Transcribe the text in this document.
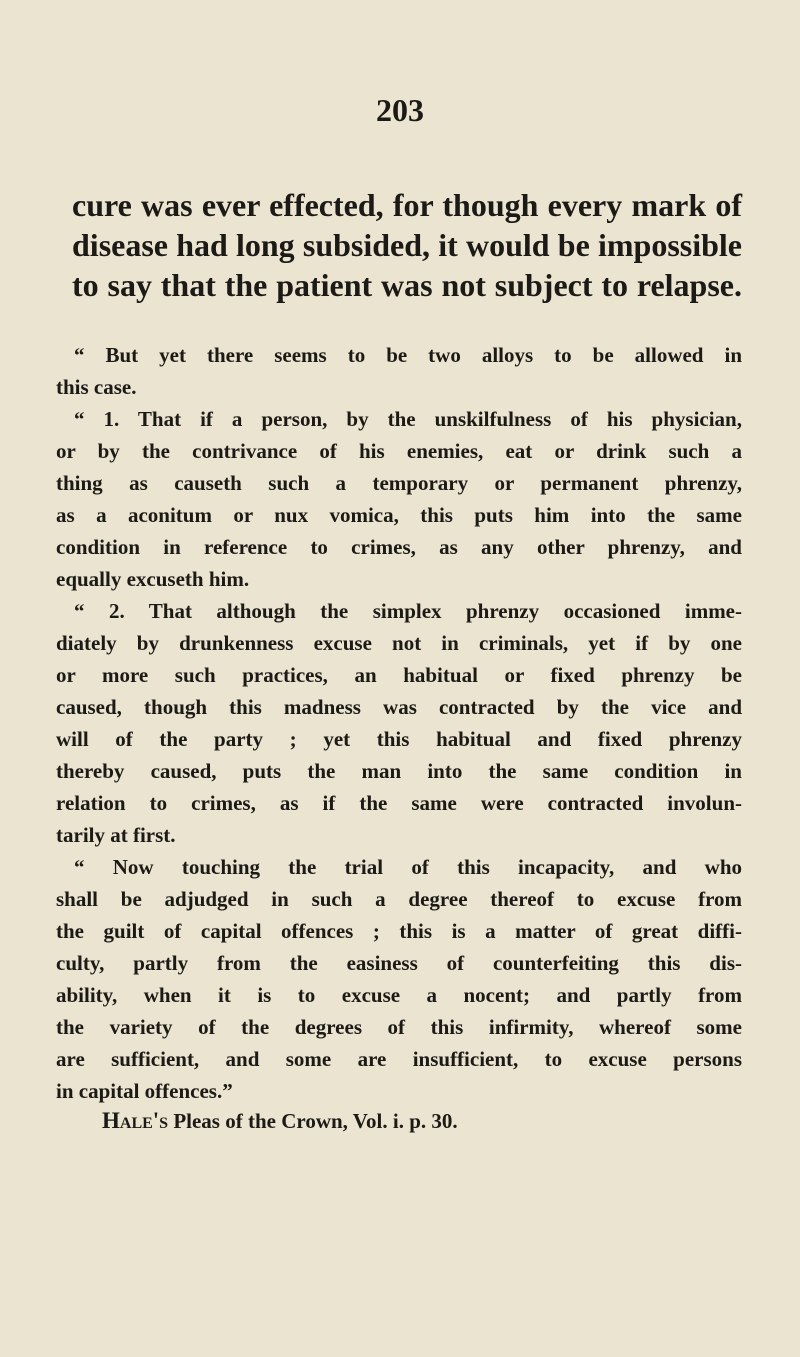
203
cure was ever effected, for though every mark of
disease had long subsided, it would be impossible
to say that the patient was not subject to relapse.
“ But yet there seems to be two alloys to be allowed in
this case.
“ 1. That if a person, by the unskilfulness of his physician,
or by the contrivance of his enemies, eat or drink such a
thing as causeth such a temporary or permanent phrenzy,
as a aconitum or nux vomica, this puts him into the same
condition in reference to crimes, as any other phrenzy, and
equally excuseth him.
“ 2. That although the simplex phrenzy occasioned imme-
diately by drunkenness excuse not in criminals, yet if by one
or more such practices, an habitual or fixed phrenzy be
caused, though this madness was contracted by the vice and
will of the party ; yet this habitual and fixed phrenzy
thereby caused, puts the man into the same condition in
relation to crimes, as if the same were contracted involun-
tarily at first.
“ Now touching the trial of this incapacity, and who
shall be adjudged in such a degree thereof to excuse from
the guilt of capital offences ; this is a matter of great diffi-
culty, partly from the easiness of counterfeiting this dis-
ability, when it is to excuse a nocent; and partly from
the variety of the degrees of this infirmity, whereof some
are sufficient, and some are insufficient, to excuse persons
in capital offences.”
Hale's Pleas of the Crown, Vol. i. p. 30.
